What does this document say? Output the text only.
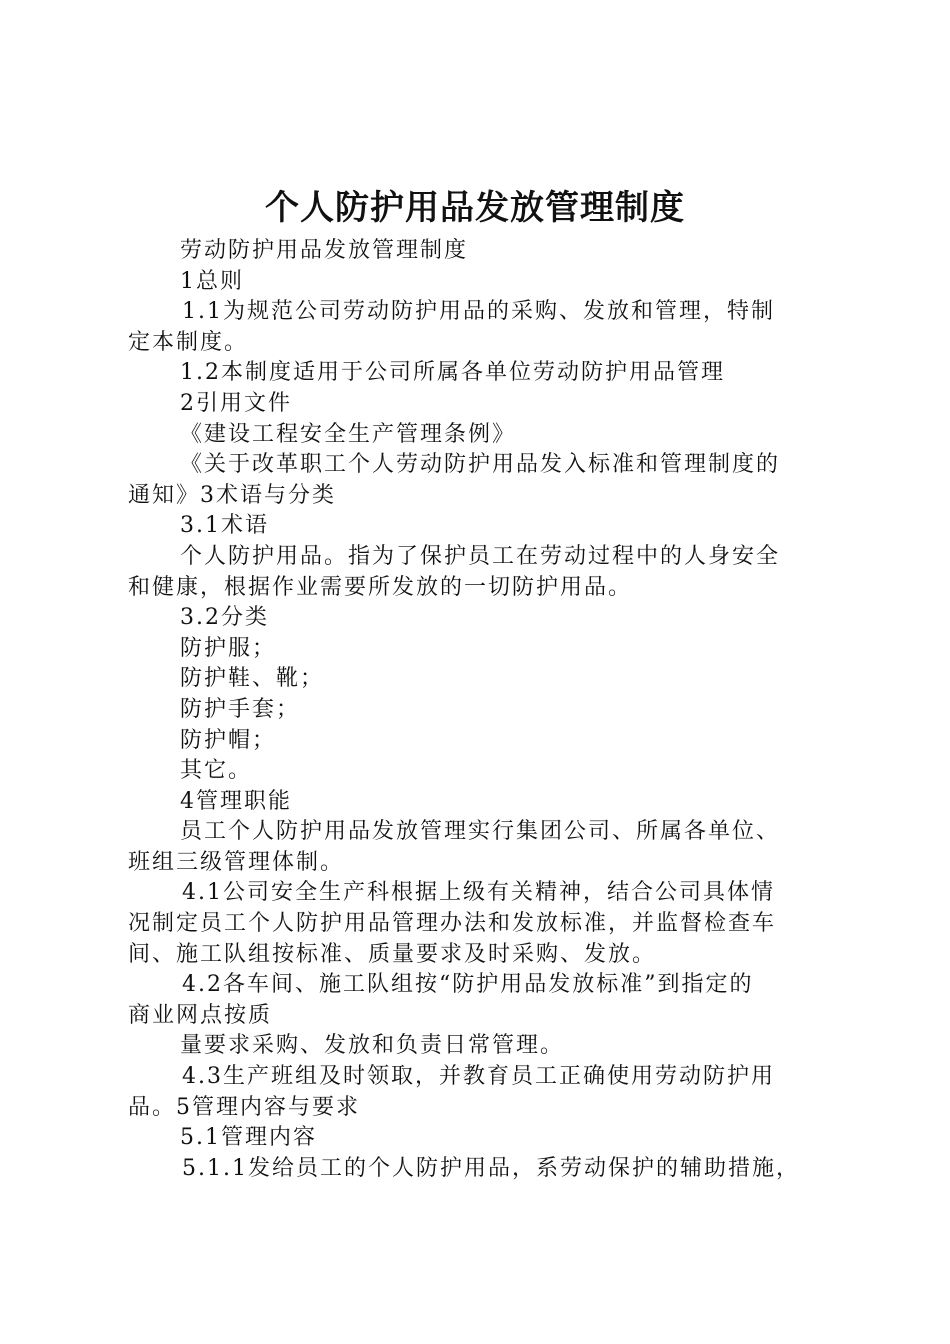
个人防护用品发放管理制度

劳动防护用品发放管理制度

1总则

1.1为规范公司劳动防护用品的采购、发放和管理，特制

定本制度。

1.2本制度适用于公司所属各单位劳动防护用品管理

2引用文件

《建设工程安全生产管理条例》

《关于改革职工个人劳动防护用品发入标准和管理制度的

通知》3术语与分类

3.1术语

个人防护用品。指为了保护员工在劳动过程中的人身安全

和健康，根据作业需要所发放的一切防护用品。

3.2分类

防护服；

防护鞋、靴；

防护手套；

防护帽；

其它。

4管理职能

员工个人防护用品发放管理实行集团公司、所属各单位、

班组三级管理体制。

4.1公司安全生产科根据上级有关精神，结合公司具体情

况制定员工个人防护用品管理办法和发放标准，并监督检查车

间、施工队组按标准、质量要求及时采购、发放。

4.2各车间、施工队组按“防护用品发放标准”到指定的

商业网点按质

量要求采购、发放和负责日常管理。

4.3生产班组及时领取，并教育员工正确使用劳动防护用

品。5管理内容与要求

5.1管理内容

5.1.1发给员工的个人防护用品，系劳动保护的辅助措施，
